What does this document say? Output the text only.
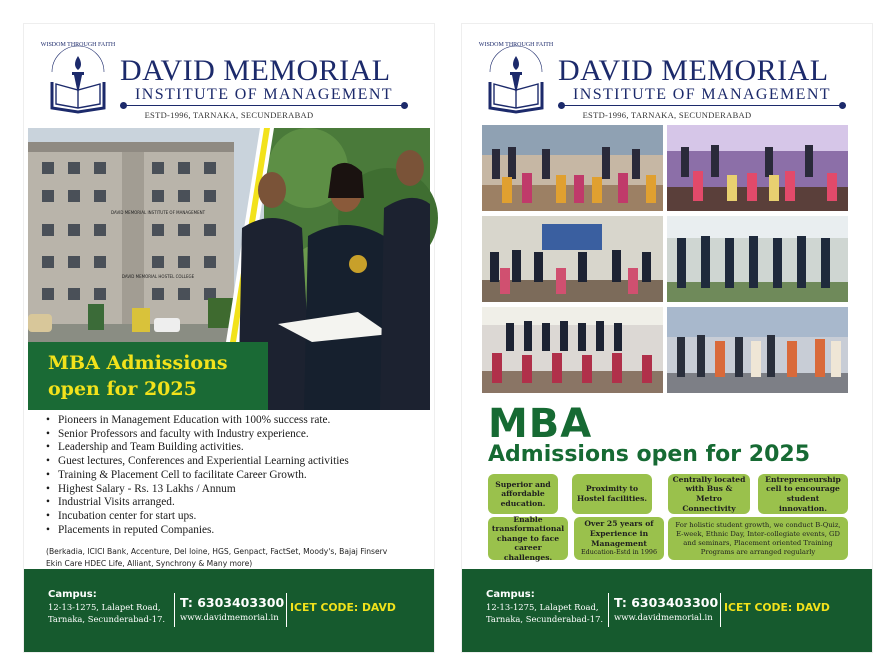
WISDOM THROUGH FAITH
DAVID MEMORIAL
INSTITUTE OF MANAGEMENT
ESTD-1996, TARNAKA, SECUNDERABAD
DAVID MEMORIAL INSTITUTE OF MANAGEMENT
DAVID MEMORIAL HOSTEL COLLEGE
MBA Admissions
open for 2025
• Pioneers in Management Education with 100% success rate.
• Senior Professors and faculty with Industry experience.
• Leadership and Team Building activities.
• Guest lectures, Conferences and Experiential Learning activities
• Training & Placement Cell to facilitate Career Growth.
• Highest Salary - Rs. 13 Lakhs / Annum
• Industrial Visits arranged.
• Incubation center for start ups.
• Placements in reputed Companies.
(Berkadia, ICICI Bank, Accenture, Del loine, HGS, Genpact, FactSet, Moody's, Bajaj Finserv
Ekin Care HDEC Life, Alliant, Synchrony & Many more)
Campus:
12-13-1275, Lalapet Road,
Tarnaka, Secunderabad-17.
T: 6303403300
www.davidmemorial.in
ICET CODE: DAVD
WISDOM THROUGH FAITH
DAVID MEMORIAL
INSTITUTE OF MANAGEMENT
ESTD-1996, TARNAKA, SECUNDERABAD
MBA
Admissions open for 2025
Superior and affordable education.
Proximity to Hostel facilities.
Centrally located with Bus & Metro Connectivity
Entrepreneurship cell to encourage student innovation.
Enable transformational change to face career challenges.
Over 25 years of Experience in Management
Education-Estd in 1996
For holistic student growth, we conduct B-Quiz, E-week, Ethnic Day, Inter-collegiate events, GD and seminars, Placement oriented Training Programs are arranged regularly
Campus:
12-13-1275, Lalapet Road,
Tarnaka, Secunderabad-17.
T: 6303403300
www.davidmemorial.in
ICET CODE: DAVD
